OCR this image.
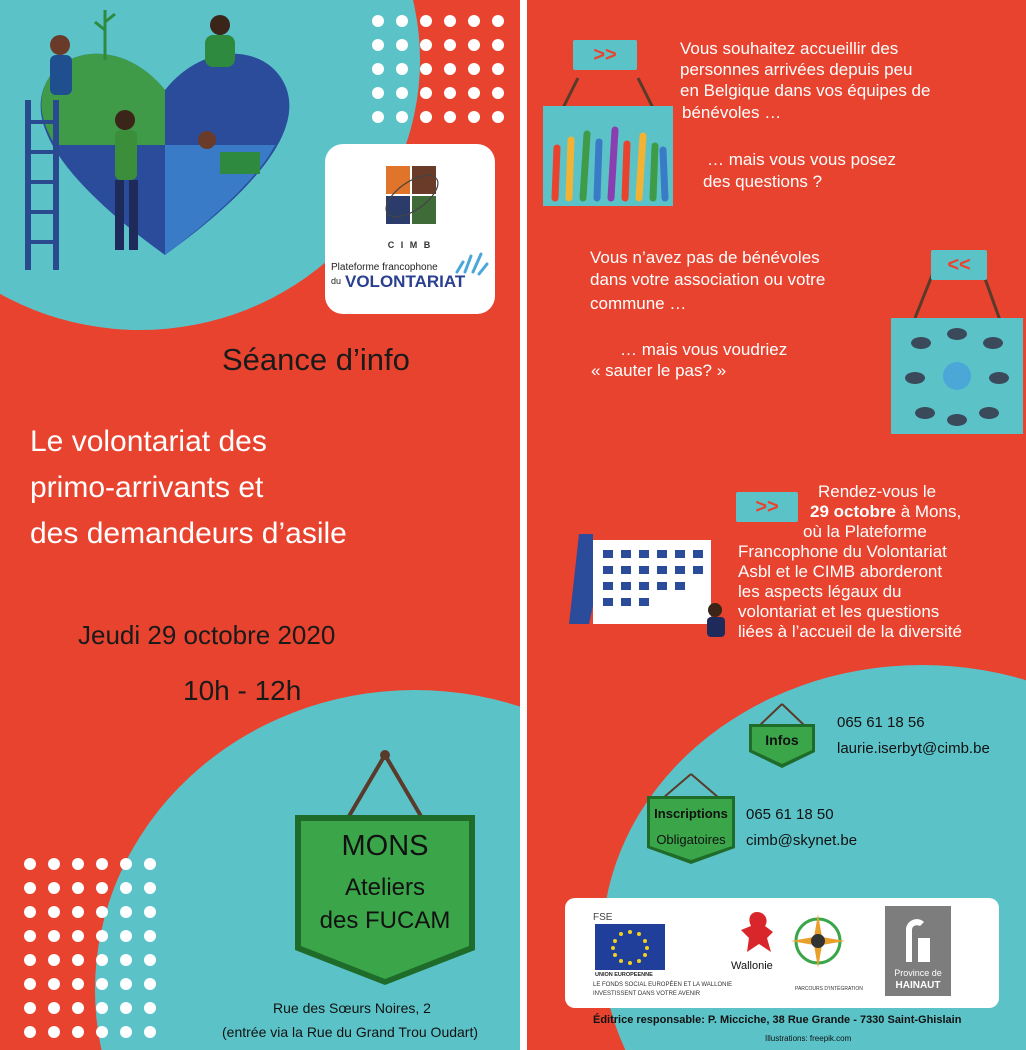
C I M B
Plateforme francophone
du VOLONTARIAT

Séance d’info

Le volontariat des

primo-arrivants et

des demandeurs d’asile

Jeudi 29 octobre 2020

10h - 12h

MONS
Ateliers
des FUCAM
Rue des Sœurs Noires, 2
(entrée via la Rue du Grand Trou Oudart)
>>	Vous souhaitez accueillir des

personnes arrivées depuis peu

en Belgique dans vos équipes de

bénévoles …

… mais vous vous posez

des questions ?

Vous n’avez pas de bénévoles

dans votre association ou votre

commune …

… mais vous voudriez

« sauter le pas? »

<<
>>

Rendez-vous le

29 octobre à Mons,

où la Plateforme

Francophone du Volontariat

Asbl et le CIMB aborderont

les aspects légaux du

volontariat et les questions

liées à l’accueil de la diversité

Infos
065 61 18 56
laurie.iserbyt@cimb.be
Inscriptions
Obligatoires
065 61 18 50
cimb@skynet.be
FSE
UNION EUROPEENNE
LE FONDS SOCIAL EUROPÉEN ET LA WALLONIE
INVESTISSENT DANS VOTRE AVENIR
Wallonie
PARCOURS D’INTÉGRATION
Province de
HAINAUT
Éditrice responsable: P. Micciche, 38 Rue Grande - 7330 Saint-Ghislain
Illustrations: freepik.com
